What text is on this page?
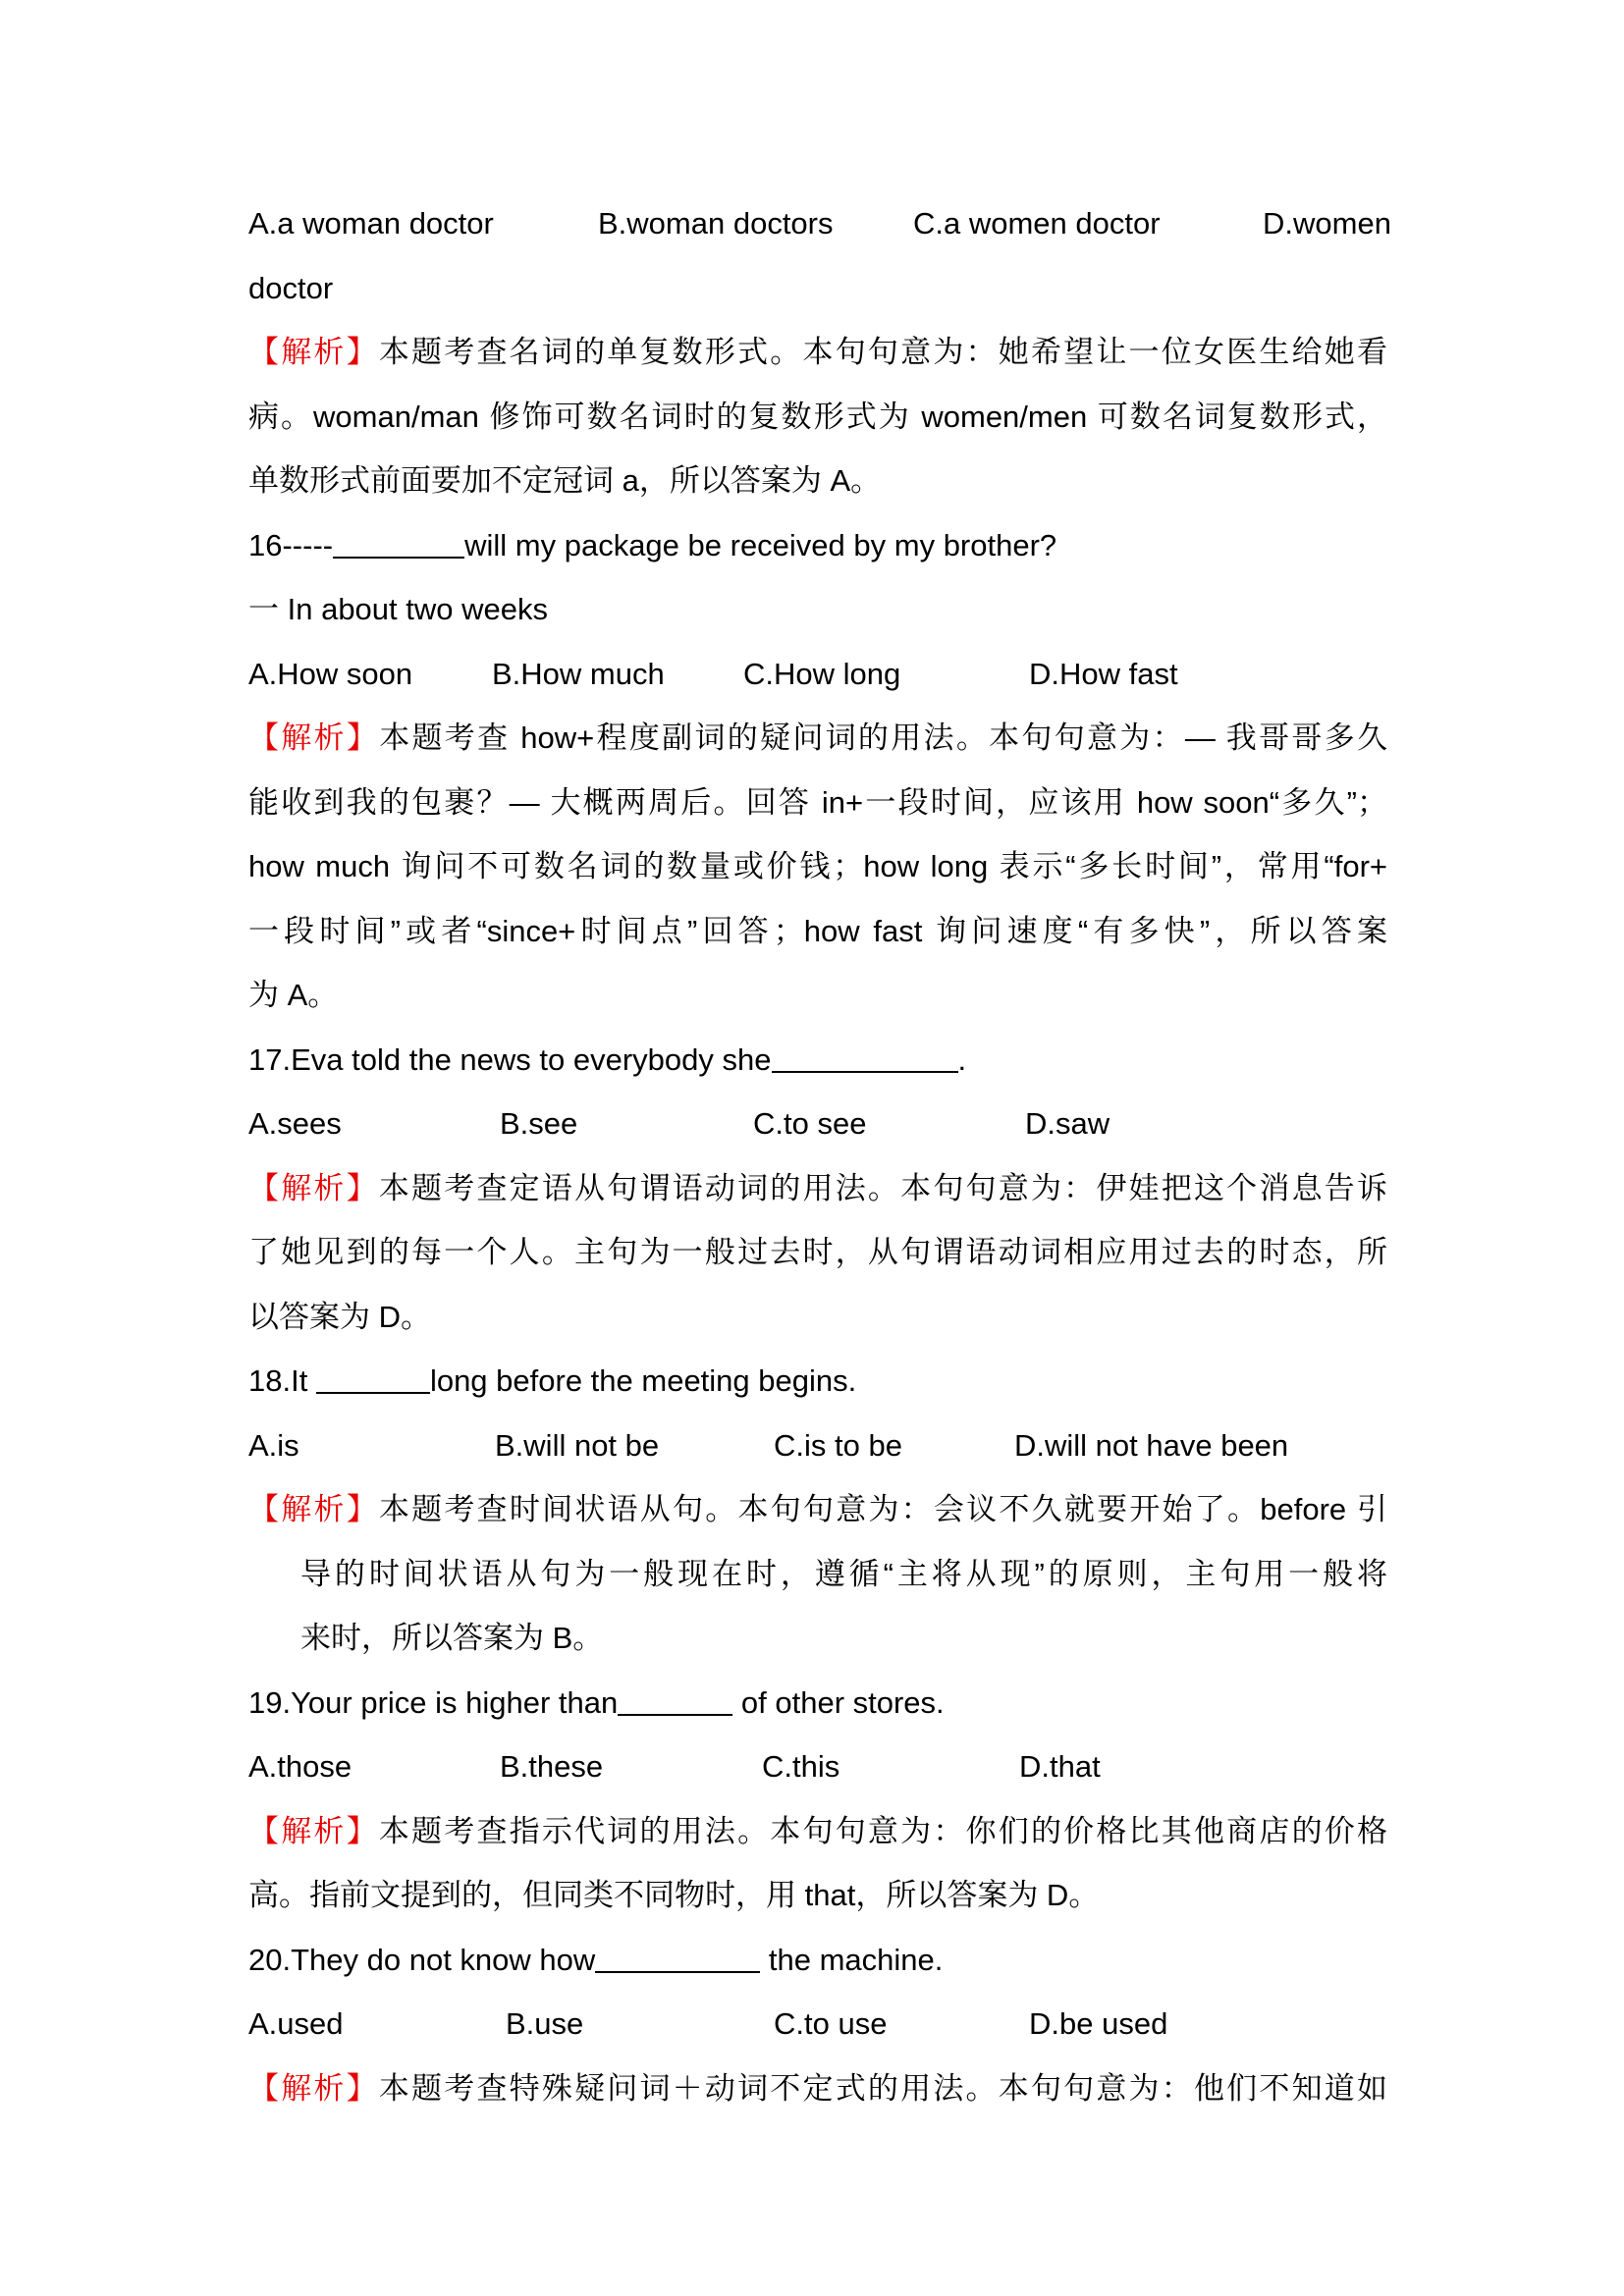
A.a woman doctor	B.woman doctors	C.a women doctor	D.women
doctor
【解析】本题考查名词的单复数形式。本句句意为：她希望让一位女医生给她看
病。woman/man 修饰可数名词时的复数形式为 women/men 可数名词复数形式，
单数形式前面要加不定冠词 a，所以答案为 A。
16-----	will my package be received by my brother?
一 In about two weeks
A.How soon	B.How much	C.How long	D.How fast
【解析】本题考查 how+程度副词的疑问词的用法。本句句意为：— 我哥哥多久
能收到我的包裹？— 大概两周后。回答 in+一段时间，应该用 how soon“多久”；
how much 询问不可数名词的数量或价钱；how long 表示“多长时间”，常用“for+
一段时间”或者“since+时间点”回答；how fast 询问速度“有多快”，所以答案
为 A。
17.Eva told the news to everybody she	.
A.sees	B.see	C.to see	D.saw
【解析】本题考查定语从句谓语动词的用法。本句句意为：伊娃把这个消息告诉
了她见到的每一个人。主句为一般过去时，从句谓语动词相应用过去的时态，所
以答案为 D。
18.It	long before the meeting begins.
A.is	B.will not be	C.is to be	D.will not have been
【解析】本题考查时间状语从句。本句句意为：会议不久就要开始了。before 引
导的时间状语从句为一般现在时，遵循“主将从现”的原则，主句用一般将
来时，所以答案为 B。
19.Your price is higher than	of other stores.
A.those	B.these	C.this	D.that
【解析】本题考查指示代词的用法。本句句意为：你们的价格比其他商店的价格
高。指前文提到的，但同类不同物时，用 that，所以答案为 D。
20.They do not know how	the machine.
A.used	B.use	C.to use	D.be used
【解析】本题考查特殊疑问词＋动词不定式的用法。本句句意为：他们不知道如
